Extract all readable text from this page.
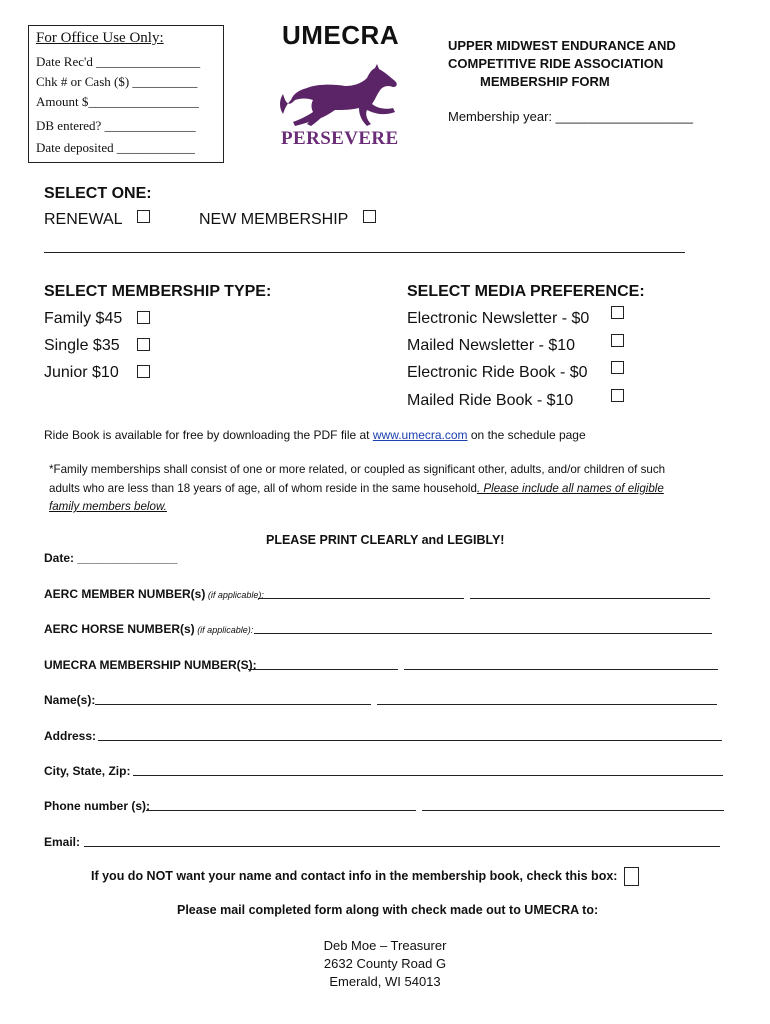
For Office Use Only:
Date Rec'd ________________
Chk # or Cash ($) __________
Amount $_________________
DB entered? ______________
Date deposited ____________
UMECRA
PERSEVERE
UPPER MIDWEST ENDURANCE AND
COMPETITIVE RIDE ASSOCIATION
MEMBERSHIP FORM
Membership year: ___________________
SELECT ONE:
RENEWAL	NEW MEMBERSHIP
SELECT MEMBERSHIP TYPE:
Family $45
Single $35
Junior $10
SELECT MEDIA PREFERENCE:
Electronic Newsletter - $0
Mailed Newsletter - $10
Electronic Ride Book - $0
Mailed Ride Book - $10
Ride Book is available for free by downloading the PDF file at www.umecra.com on the schedule page
*Family memberships shall consist of one or more related, or coupled as significant other, adults, and/or children of such
adults who are less than 18 years of age, all of whom reside in the same household. Please include all names of eligible
family members below.
PLEASE PRINT CLEARLY and LEGIBLY!
Date: _______________
AERC MEMBER NUMBER(s) (if applicable):
AERC HORSE NUMBER(s) (if applicable):
UMECRA MEMBERSHIP NUMBER(S):
Name(s):
Address:
City, State, Zip:
Phone number (s):
Email:
If you do NOT want your name and contact info in the membership book, check this box:
Please mail completed form along with check made out to UMECRA to:
Deb Moe – Treasurer
2632 County Road G
Emerald, WI 54013
